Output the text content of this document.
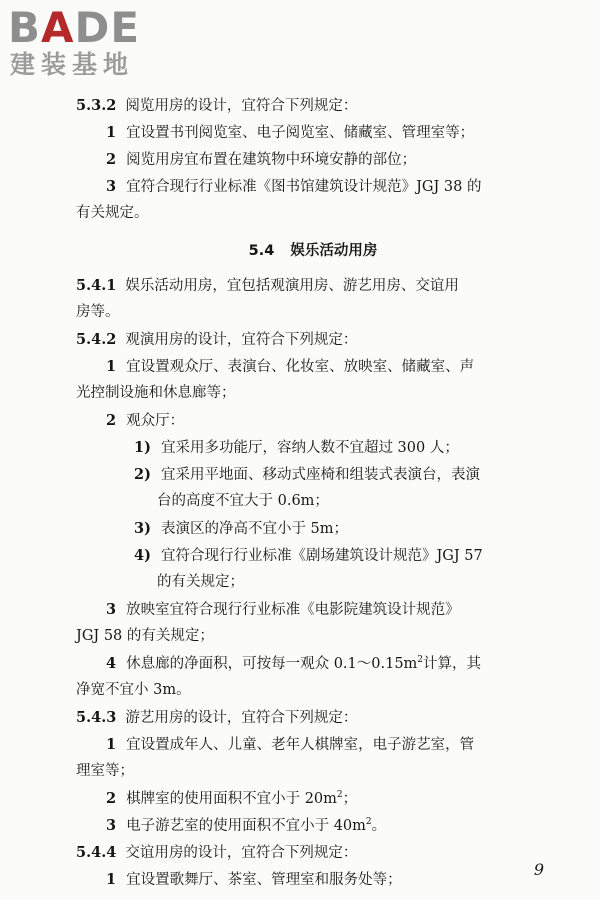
BADE
建装基地
5.3.2 阅览用房的设计，宜符合下列规定：
1 宜设置书刊阅览室、电子阅览室、储藏室、管理室等；
2 阅览用房宜布置在建筑物中环境安静的部位；
3 宜符合现行行业标准《图书馆建筑设计规范》JGJ 38 的
有关规定。
5.4 娱乐活动用房
5.4.1 娱乐活动用房，宜包括观演用房、游艺用房、交谊用
房等。
5.4.2 观演用房的设计，宜符合下列规定：
1 宜设置观众厅、表演台、化妆室、放映室、储藏室、声
光控制设施和休息廊等；
2 观众厅：
1) 宜采用多功能厅，容纳人数不宜超过 300 人；
2) 宜采用平地面、移动式座椅和组装式表演台，表演
台的高度不宜大于 0.6m；
3) 表演区的净高不宜小于 5m；
4) 宜符合现行行业标准《剧场建筑设计规范》JGJ 57
的有关规定；
3 放映室宜符合现行行业标准《电影院建筑设计规范》
JGJ 58 的有关规定；
4 休息廊的净面积，可按每一观众 $0.1\sim 0.15m^2$计算，其
净宽不宜小 3m。
5.4.3 游艺用房的设计，宜符合下列规定：
1 宜设置成年人、儿童、老年人棋牌室，电子游艺室，管
理室等；
2 棋牌室的使用面积不宜小于 $20m^2$；
3 电子游艺室的使用面积不宜小于 $40m^2$。
5.4.4 交谊用房的设计，宜符合下列规定：
1 宜设置歌舞厅、茶室、管理室和服务处等；
9
